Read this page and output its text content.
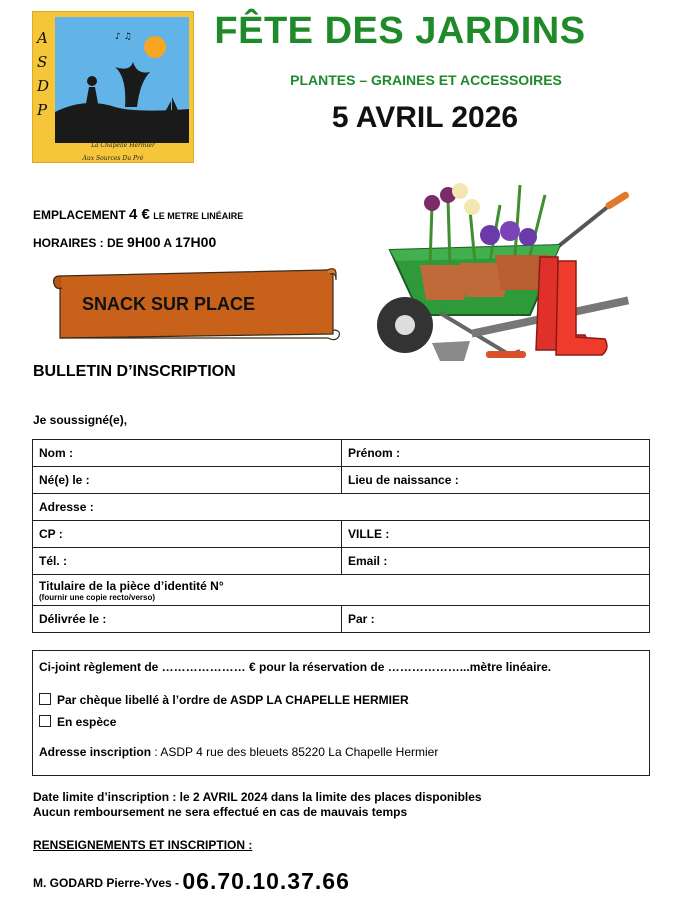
♪ ♫
A
S
D
P
La Chapelle Hermier
Aux Sources Du Pré
FÊTE DES JARDINS
PLANTES – GRAINES ET ACCESSOIRES
5 AVRIL 2026
EMPLACEMENT 4 € LE METRE LINÉAIRE
HORAIRES : DE 9H00 A 17H00
SNACK SUR PLACE
BULLETIN D’INSCRIPTION
Je soussigné(e),
Nom :	Prénom :
Né(e) le :	Lieu de naissance :
Adresse :	
CP :	VILLE :
Tél. :	Email :
Titulaire de la pièce d’identité N°
(fournir une copie recto/verso)	

Délivrée le :	Par :
Ci-joint règlement de ………………… € pour la réservation de ………………...mètre linéaire.
Par chèque libellé à l’ordre de ASDP LA CHAPELLE HERMIER
En espèce
Adresse inscription : ASDP 4 rue des bleuets 85220 La Chapelle Hermier
Date limite d’inscription : le 2 AVRIL 2024 dans la limite des places disponibles
Aucun remboursement ne sera effectué en cas de mauvais temps
RENSEIGNEMENTS ET INSCRIPTION :
M. GODARD Pierre-Yves - 06.70.10.37.66
